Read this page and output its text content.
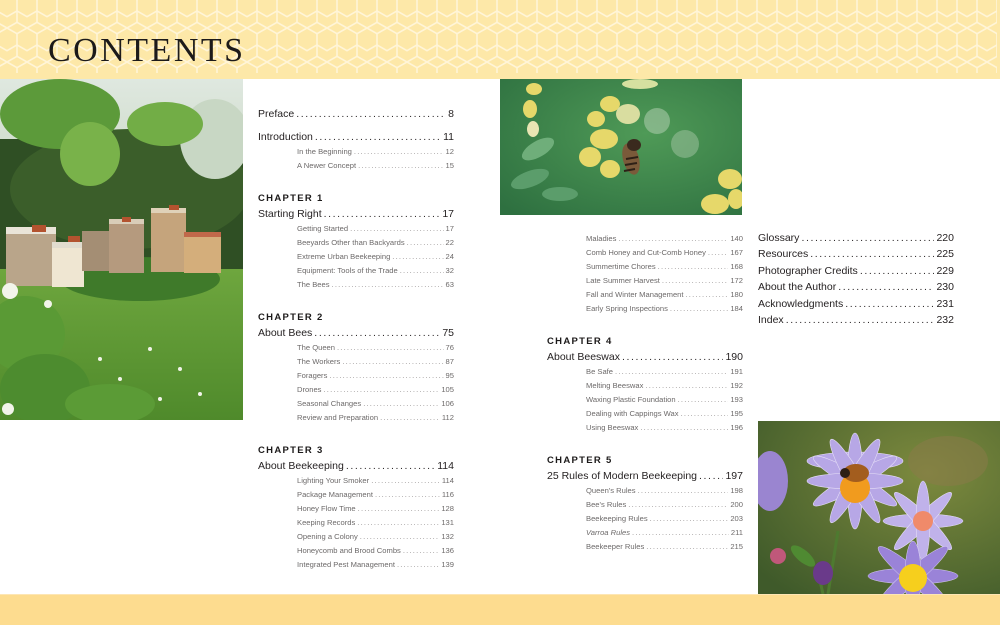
CONTENTS
Preface .....	8
Introduction .....	11
In the Beginning .....	12
A Newer Concept .....	15
CHAPTER 1
Starting Right .....	17
Getting Started .....	17
Beeyards Other than Backyards .....	22
Extreme Urban Beekeeping .....	24
Equipment: Tools of the Trade .....	32
The Bees .....	63
CHAPTER 2
About Bees .....	75
The Queen .....	76
The Workers .....	87
Foragers .....	95
Drones .....	105
Seasonal Changes .....	106
Review and Preparation .....	112
CHAPTER 3
About Beekeeping .....	114
Lighting Your Smoker .....	114
Package Management .....	116
Honey Flow Time .....	128
Keeping Records .....	131
Opening a Colony .....	132
Honeycomb and Brood Combs .....	136
Integrated Pest Management .....	139
Maladies .....	140
Comb Honey and Cut-Comb Honey .....	167
Summertime Chores .....	168
Late Summer Harvest .....	172
Fall and Winter Management .....	180
Early Spring Inspections .....	184
CHAPTER 4
About Beeswax .....	190
Be Safe .....	191
Melting Beeswax .....	192
Waxing Plastic Foundation .....	193
Dealing with Cappings Wax .....	195
Using Beeswax .....	196
CHAPTER 5
25 Rules of Modern Beekeeping .....	197
Queen's Rules .....	198
Bee's Rules .....	200
Beekeeping Rules .....	203
Varroa Rules .....	211
Beekeeper Rules .....	215
Glossary .....	220
Resources .....	225
Photographer Credits .....	229
About the Author .....	230
Acknowledgments .....	231
Index .....	232
